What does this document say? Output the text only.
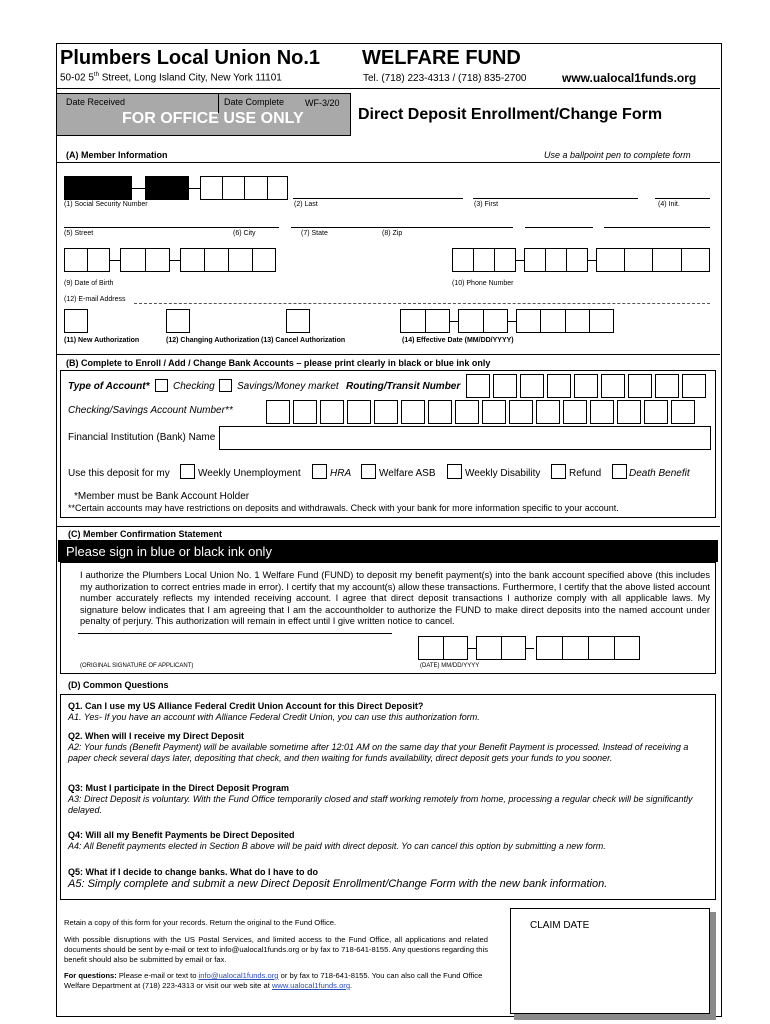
Plumbers Local Union No.1
50-02 5th Street, Long Island City, New York 11101
WELFARE FUND
Tel. (718) 223-4313 / (718) 835-2700	www.ualocal1funds.org
Date Received	Date Complete WF-3/20
FOR OFFICE USE ONLY	Direct Deposit Enrollment/Change Form
(A) Member Information	Use a ballpoint pen to complete form
(1) Social Security Number	(2) Last	(3) First	(4) Init.
(5) Street	(6) City	(7) State	(8) Zip
(9) Date of Birth	(10) Phone Number
(12) E-mail Address
(11) New Authorization	(12) Changing Authorization (13) Cancel Authorization	(14) Effective Date (MM/DD/YYYY)
(B) Complete to Enroll / Add / Change Bank Accounts – please print clearly in black or blue ink only
Type of Account* Checking Savings/Money market Routing/Transit Number
Checking/Savings Account Number**
Financial Institution (Bank) Name
Use this deposit for my	Weekly Unemployment	HRA	Welfare ASB	Weekly Disability	Refund	Death Benefit
*Member must be Bank Account Holder
**Certain accounts may have restrictions on deposits and withdrawals. Check with your bank for more information specific to your account.
(C) Member Confirmation Statement
Please sign in blue or black ink only
I authorize the Plumbers Local Union No. 1 Welfare Fund (FUND) to deposit my benefit payment(s) into the bank account specified above (this includes my authorization to correct entries made in error). I certify that my account(s) allow these transactions. Furthermore, I certify that the above listed account number accurately reflects my intended receiving account. I agree that direct deposit transactions I authorize comply with all applicable laws. My signature below indicates that I am agreeing that I am the accountholder to authorize the FUND to make direct deposits into the named account under penalty of perjury. This authorization will remain in effect until I give written notice to cancel.
(ORIGINAL SIGNATURE OF APPLICANT)	(DATE) MM/DD/YYYY
(D) Common Questions
Q1. Can I use my US Alliance Federal Credit Union Account for this Direct Deposit?
A1. Yes- If you have an account with Alliance Federal Credit Union, you can use this authorization form.
Q2. When will I receive my Direct Deposit
A2: Your funds (Benefit Payment) will be available sometime after 12:01 AM on the same day that your Benefit Payment is processed. Instead of receiving a paper check several days later, depositing that check, and then waiting for funds availability, direct deposit gets your funds to you sooner.
Q3: Must I participate in the Direct Deposit Program
A3: Direct Deposit is voluntary. With the Fund Office temporarily closed and staff working remotely from home, processing a regular check will be significantly delayed.
Q4: Will all my Benefit Payments be Direct Deposited
A4: All Benefit payments elected in Section B above will be paid with direct deposit. Yo can cancel this option by submitting a new form.
Q5: What if I decide to change banks. What do I have to do
A5: Simply complete and submit a new Direct Deposit Enrollment/Change Form with the new bank information.
Retain a copy of this form for your records. Return the original to the Fund Office.
With possible disruptions with the US Postal Services, and limited access to the Fund Office, all applications and related documents should be sent by e-mail or text to info@ualocal1funds.org or by fax to 718-641-8155. Any questions regarding this benefit should also be submitted by email or fax.
For questions: Please e-mail or text to info@ualocal1funds.org or by fax to 718-641-8155. You can also call the Fund Office Welfare Department at (718) 223-4313 or visit our web site at www.ualocal1funds.org.
CLAIM DATE
